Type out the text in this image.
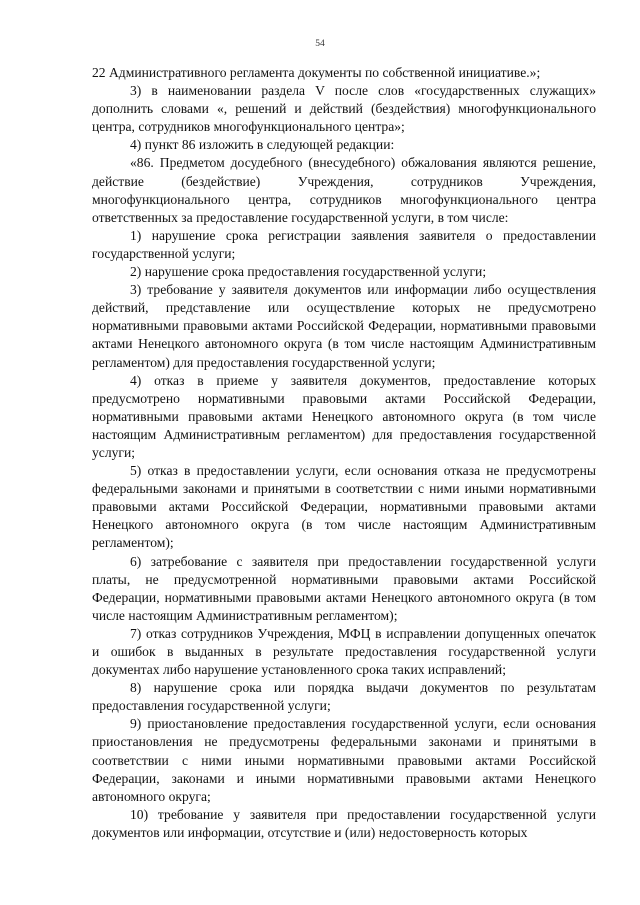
54

22 Административного регламента документы по собственной инициативе.»;

3) в наименовании раздела V после слов «государственных служащих» дополнить словами «, решений и действий (бездействия) многофункционального центра, сотрудников многофункционального центра»;

4) пункт 86 изложить в следующей редакции:

«86. Предметом досудебного (внесудебного) обжалования являются решение, действие (бездействие) Учреждения, сотрудников Учреждения, многофункционального центра, сотрудников многофункционального центра ответственных за предоставление государственной услуги, в том числе:

1) нарушение срока регистрации заявления заявителя о предоставлении государственной услуги;

2) нарушение срока предоставления государственной услуги;

3) требование у заявителя документов или информации либо осуществления действий, представление или осуществление которых не предусмотрено нормативными правовыми актами Российской Федерации, нормативными правовыми актами Ненецкого автономного округа (в том числе настоящим Административным регламентом) для предоставления государственной услуги;

4) отказ в приеме у заявителя документов, предоставление которых предусмотрено нормативными правовыми актами Российской Федерации, нормативными правовыми актами Ненецкого автономного округа (в том числе настоящим Административным регламентом) для предоставления государственной услуги;

5) отказ в предоставлении услуги, если основания отказа не предусмотрены федеральными законами и принятыми в соответствии с ними иными нормативными правовыми актами Российской Федерации, нормативными правовыми актами Ненецкого автономного округа (в том числе настоящим Административным регламентом);

6) затребование с заявителя при предоставлении государственной услуги платы, не предусмотренной нормативными правовыми актами Российской Федерации, нормативными правовыми актами Ненецкого автономного округа (в том числе настоящим Административным регламентом);

7) отказ сотрудников Учреждения, МФЦ в исправлении допущенных опечаток и ошибок в выданных в результате предоставления государственной услуги документах либо нарушение установленного срока таких исправлений;

8) нарушение срока или порядка выдачи документов по результатам предоставления государственной услуги;

9) приостановление предоставления государственной услуги, если основания приостановления не предусмотрены федеральными законами и принятыми в соответствии с ними иными нормативными правовыми актами Российской Федерации, законами и иными нормативными правовыми актами Ненецкого автономного округа;

10) требование у заявителя при предоставлении государственной услуги документов или информации, отсутствие и (или) недостоверность которых
